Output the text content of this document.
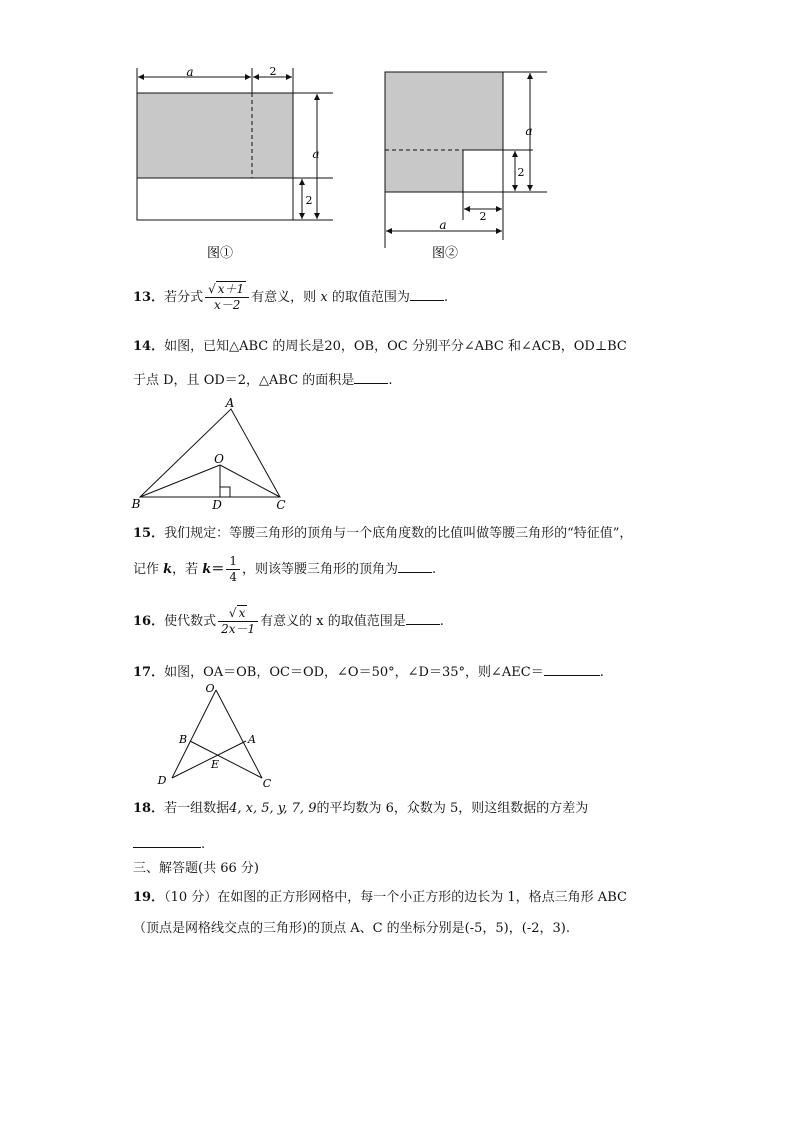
a	2
a
2
图①
a
2
2
a
图②
13．若分式 $\frac{√ x+1}{x-2}$ 有意义，则 x 的取值范围为	.
14．如图，已知△ABC 的周长是20，OB，OC 分别平分∠ABC 和∠ACB，OD⊥BC
于点 D，且 OD＝2，△ABC 的面积是	.
A
O
B	D	C
15．我们规定：等腰三角形的顶角与一个底角度数的比值叫做等腰三角形的“特征值”，
记作 k，若 $k= \frac{1}{4}$ ，则该等腰三角形的顶角为	.
16．使代数式 $\frac{√ x}{2x-1}$ 有意义的 x 的取值范围是	.
17．如图，OA＝OB，OC＝OD，∠O＝50°，∠D＝35°，则∠AEC＝	.
O
B	A
E
D	C
18．若一组数据4, x, 5, y, 7, 9的平均数为 6，众数为 5，则这组数据的方差为
.
三、解答题(共 66 分)
19．（10 分）在如图的正方形网格中，每一个小正方形的边长为 1，格点三角形 ABC
（顶点是网格线交点的三角形)的顶点 A、C 的坐标分别是(-5，5)，(-2，3).
